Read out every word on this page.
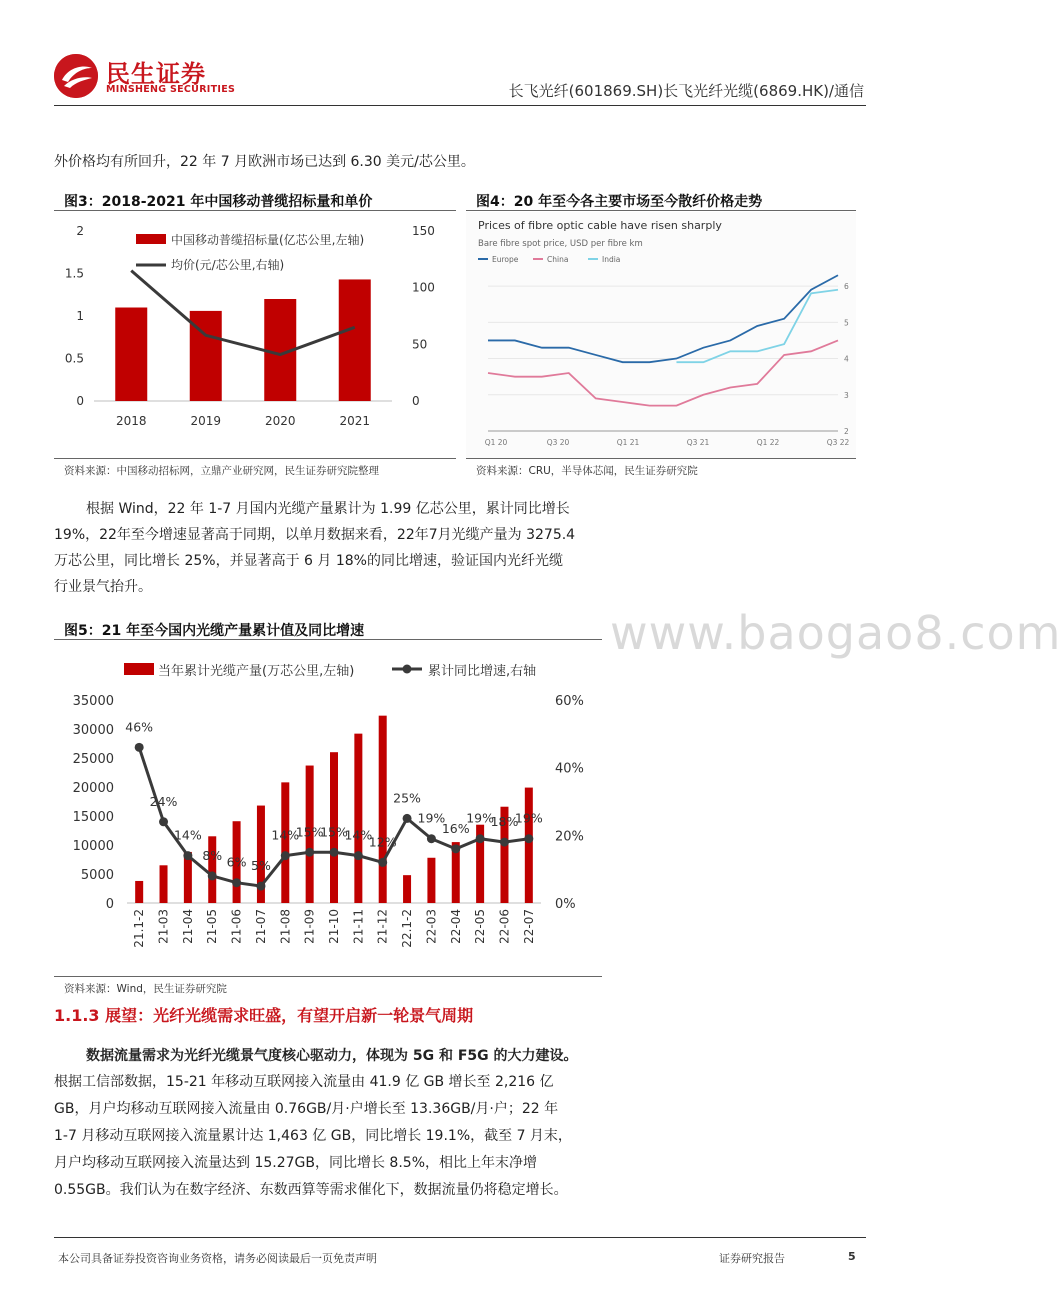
民生证券
MINSHENG SECURITIES	长飞光纤(601869.SH)长飞光纤光缆(6869.HK)/通信
外价格均有所回升，22 年 7 月欧洲市场已达到 6.30 美元/芯公里。
图3：2018-2021 年中国移动普缆招标量和单价
0
0.5
1
1.5
2
0
50
100
150
2018	2019	2020	2021
中国移动普缆招标量(亿芯公里,左轴)
均价(元/芯公里,右轴)
资料来源：中国移动招标网，立鼎产业研究网，民生证券研究院整理
图4：20 年至今各主要市场至今散纤价格走势
Prices of fibre optic cable have risen sharply
Bare fibre spot price, USD per fibre km
Europe	China	India
2
3
4
5
6
Q1 20	Q3 20	Q1 21	Q3 21	Q1 22	Q3 22
资料来源：CRU，半导体芯闻，民生证券研究院
根据 Wind，22 年 1-7 月国内光缆产量累计为 1.99 亿芯公里，累计同比增长
19%，22年至今增速显著高于同期，以单月数据来看，22年7月光缆产量为 3275.4
万芯公里，同比增长 25%，并显著高于 6 月 18%的同比增速，验证国内光纤光缆
行业景气抬升。
图5：21 年至今国内光缆产量累计值及同比增速	www.baogao8.com
当年累计光缆产量(万芯公里,左轴)	累计同比增速,右轴
46%
24%
14%
8% 6% 5%
14%
15%
15%
14%
12%
25%
19%
16%
19%
18%
19%
0
5000
10000
15000
20000
25000
30000
35000
0%
20%
40%
60%
21.1-2 21-03 21-04 21-05 21-06 21-07 21-08 21-09 21-10 21-11 21-12 22.1-2 22-03 22-04 22-05 22-06 22-07
资料来源：Wind，民生证券研究院
1.1.3 展望：光纤光缆需求旺盛，有望开启新一轮景气周期
数据流量需求为光纤光缆景气度核心驱动力，体现为 5G 和 F5G 的大力建设。
根据工信部数据，15-21 年移动互联网接入流量由 41.9 亿 GB 增长至 2,216 亿
GB，月户均移动互联网接入流量由 0.76GB/月·户增长至 13.36GB/月·户；22 年
1-7 月移动互联网接入流量累计达 1,463 亿 GB，同比增长 19.1%，截至 7 月末，
月户均移动互联网接入流量达到 15.27GB，同比增长 8.5%，相比上年末净增
0.55GB。我们认为在数字经济、东数西算等需求催化下，数据流量仍将稳定增长。
本公司具备证券投资咨询业务资格，请务必阅读最后一页免责声明	证券研究报告	5
